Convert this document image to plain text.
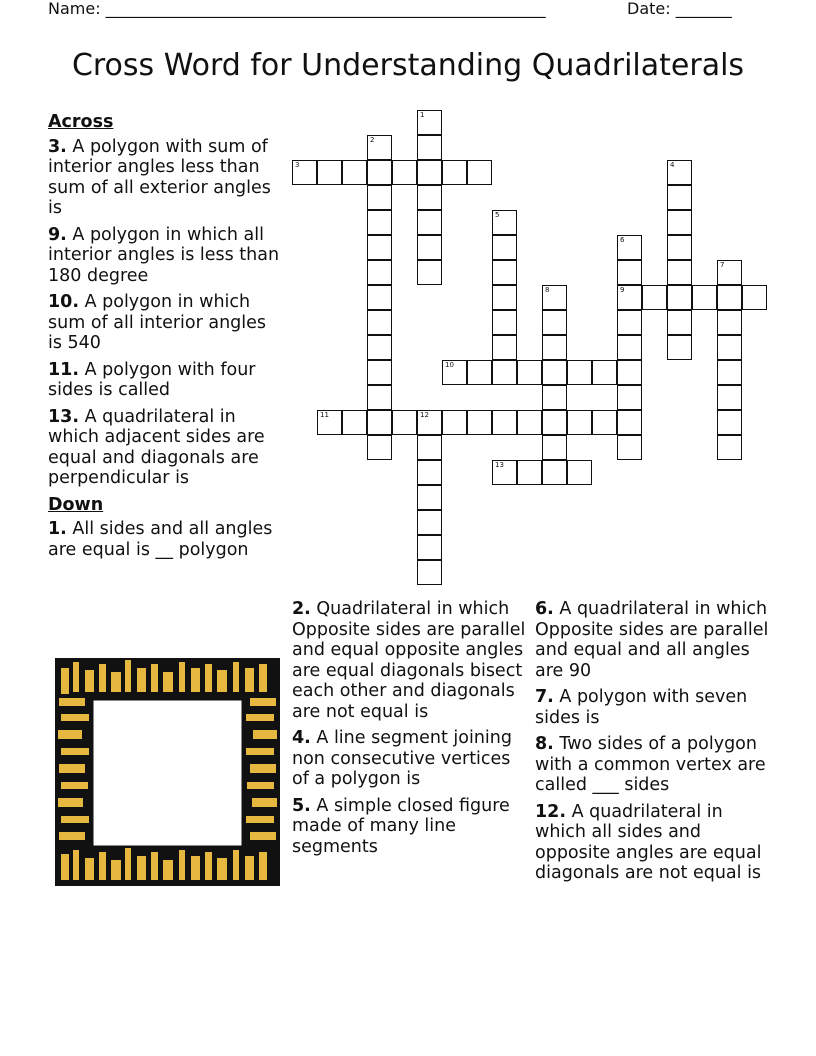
Name: _______________________________________________________	Date: _______
Cross Word for Understanding Quadrilaterals
Across
3. A polygon with sum of interior angles less than sum of all exterior angles is
9. A polygon in which all interior angles is less than 180 degree
10. A polygon in which sum of all interior angles is 540
11. A polygon with four sides is called
13. A quadrilateral in which adjacent sides are equal and diagonals are perpendicular is
Down
1. All sides and all angles are equal is __ polygon
2. Quadrilateral in which Opposite sides are parallel and equal opposite angles are equal diagonals bisect each other and diagonals are not equal is
4. A line segment joining non consecutive vertices of a polygon is
5. A simple closed figure made of many line segments
6. A quadrilateral in which Opposite sides are parallel and equal and all angles are 90
7. A polygon with seven sides is
8. Two sides of a polygon with a common vertex are called ___ sides
12. A quadrilateral in which all sides and opposite angles are equal diagonals are not equal is
3
9
10
11	12
13
1
2
4
5
6
7
8
